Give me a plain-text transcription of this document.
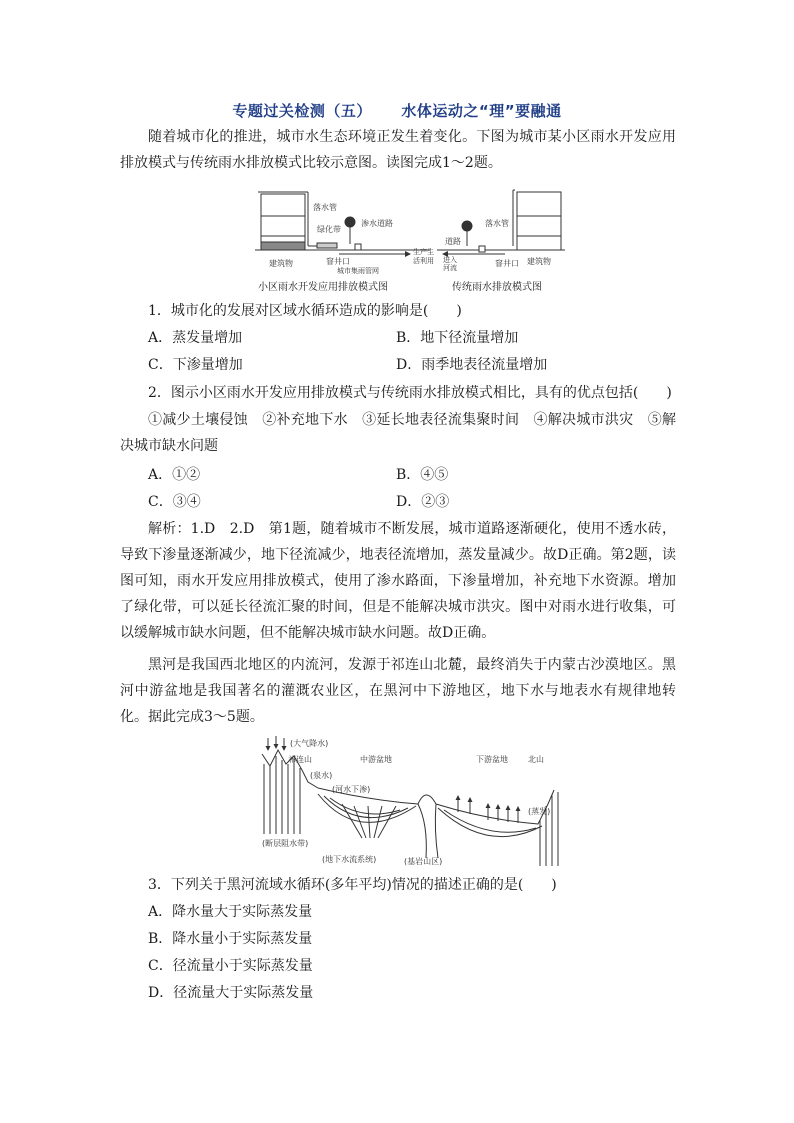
专题过关检测（五） 水体运动之“理”要融通

随着城市化的推进，城市水生态环境正发生着变化。下图为城市某小区雨水开发应用排放模式与传统雨水排放模式比较示意图。读图完成1～2题。

落水管
绿化带
渗水道路
窨井口
建筑物
城市集雨管网
生产生
活利用
落水管
道路
进入
河流	窨井口 建筑物
小区雨水开发应用排放模式图	传统雨水排放模式图
1．城市化的发展对区域水循环造成的影响是(　　)
A．蒸发量增加	B．地下径流量增加
C．下渗量增加	D．雨季地表径流量增加
2．图示小区雨水开发应用排放模式与传统雨水排放模式相比，具有的优点包括(　　)

①减少土壤侵蚀　②补充地下水　③延长地表径流集聚时间　④解决城市洪灾　⑤解决城市缺水问题

A．①②	B．④⑤
C．③④	D．②③

解析：1.D　2.D　第1题，随着城市不断发展，城市道路逐渐硬化，使用不透水砖，导致下渗量逐渐减少，地下径流减少，地表径流增加，蒸发量减少。故D正确。第2题，读图可知，雨水开发应用排放模式，使用了渗水路面，下渗量增加，补充地下水资源。增加了绿化带，可以延长径流汇聚的时间，但是不能解决城市洪灾。图中对雨水进行收集，可以缓解城市缺水问题，但不能解决城市缺水问题。故D正确。

黑河是我国西北地区的内流河，发源于祁连山北麓，最终消失于内蒙古沙漠地区。黑河中游盆地是我国著名的灌溉农业区，在黑河中下游地区，地下水与地表水有规律地转化。据此完成3～5题。

(大气降水)
祁连山	中游盆地	下游盆地	北山
(泉水)
(河水下渗)
(蒸发)
(断层阻水带)
(地下水流系统)	(基岩山区)
3．下列关于黑河流域水循环(多年平均)情况的描述正确的是(　　)
A．降水量大于实际蒸发量
B．降水量小于实际蒸发量
C．径流量小于实际蒸发量
D．径流量大于实际蒸发量
